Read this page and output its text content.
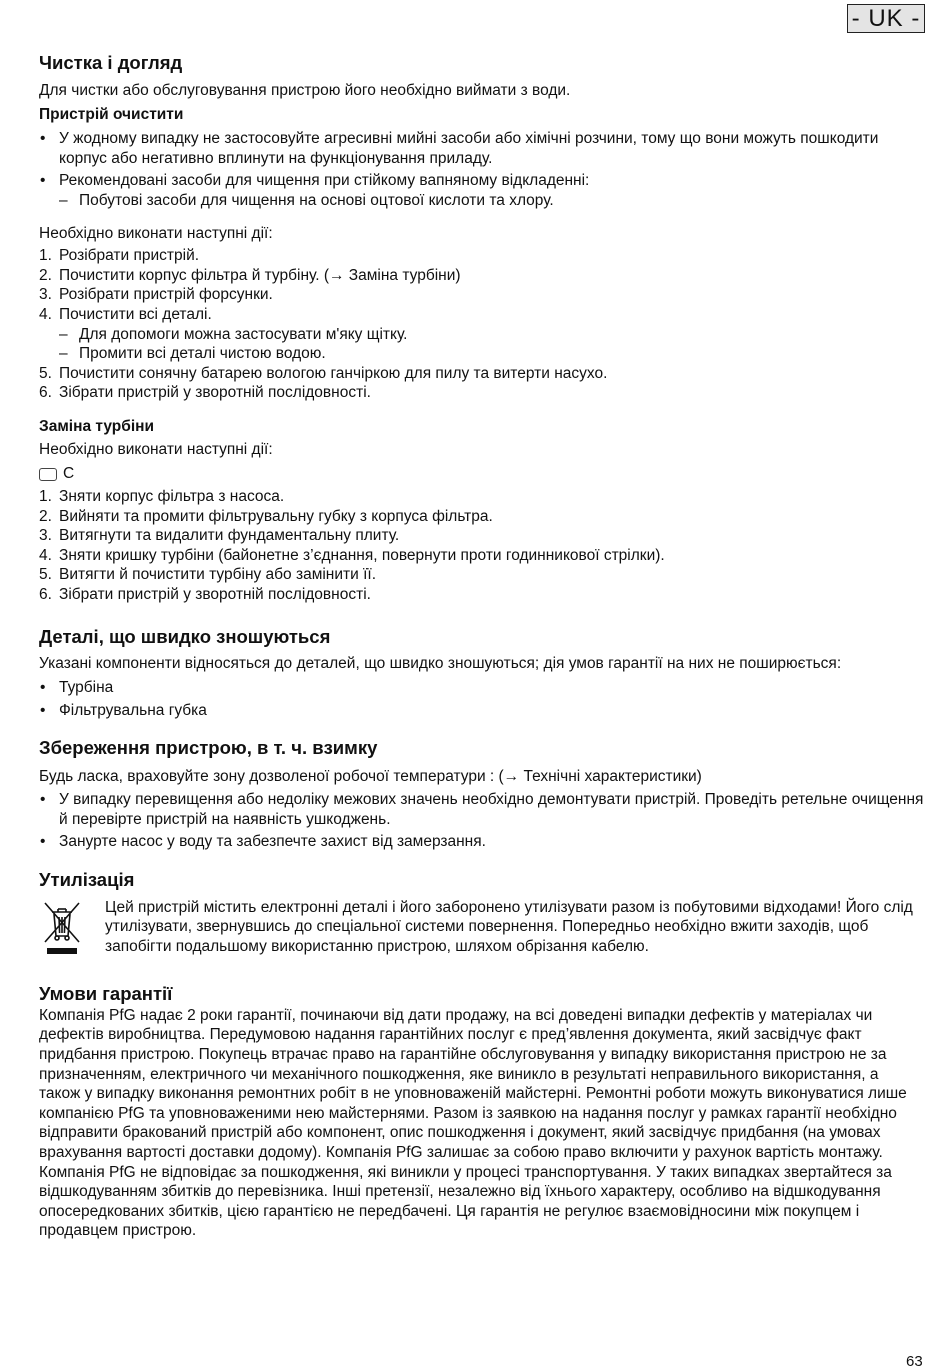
- UK -
Чистка і догляд

Для чистки або обслуговування пристрою його необхідно виймати з води.

Пристрій очистити

• У жодному випадку не застосовуйте агресивні мийні засоби або хімічні розчини, тому що вони можуть пошкодити корпус або негативно вплинути на функціонування приладу.
• Рекомендовані засоби для чищення при стійкому вапняному відкладенні:
– Побутові засоби для чищення на основі оцтової кислоти та хлору.

Необхідно виконати наступні дії:

1. Розібрати пристрій.
2. Почистити корпус фільтра й турбіну. (→ Заміна турбіни)
3. Розібрати пристрій форсунки.
4. Почистити всі деталі.
– Для допомоги можна застосувати м'яку щітку.
– Промити всі деталі чистою водою.
5. Почистити сонячну батарею вологою ганчіркою для пилу та витерти насухо.
6. Зібрати пристрій у зворотній послідовності.

Заміна турбіни

Необхідно виконати наступні дії:

C
1. Зняти корпус фільтра з насоса.
2. Вийняти та промити фільтрувальну губку з корпуса фільтра.
3. Витягнути та видалити фундаментальну плиту.
4. Зняти кришку турбіни (байонетне з’єднання, повернути проти годинникової стрілки).
5. Витягти й почистити турбіну або замінити її.
6. Зібрати пристрій у зворотній послідовності.
Деталі, що швидко зношуються

Указані компоненти відносяться до деталей, що швидко зношуються; дія умов гарантії на них не поширюється:

• Турбіна
• Фільтрувальна губка
Збереження пристрою, в т. ч. взимку

Будь ласка, враховуйте зону дозволеної робочої температури : (→ Технічні характеристики)

• У випадку перевищення або недоліку межових значень необхідно демонтувати пристрій. Проведіть ретельне очищення й перевірте пристрій на наявність ушкоджень.
• Занурте насос у воду та забезпечте захист від замерзання.
Утилізація
Цей пристрій містить електронні деталі і його заборонено утилізувати разом із побутовими відходами! Його слід утилізувати, звернувшись до спеціальної системи повернення. Попередньо необхідно вжити заходів, щоб запобігти подальшому використанню пристрою, шляхом обрізання кабелю.
Умови гарантії

Компанія PfG надає 2 роки гарантії, починаючи від дати продажу, на всі доведені випадки дефектів у матеріалах чи дефектів виробництва. Передумовою надання гарантійних послуг є пред’явлення документа, який засвідчує факт придбання пристрою. Покупець втрачає право на гарантійне обслуговування у випадку використання пристрою не за призначенням, електричного чи механічного пошкодження, яке виникло в результаті неправильного використання, а також у випадку виконання ремонтних робіт в не уповноваженій майстерні. Ремонтні роботи можуть виконуватися лише компанією PfG та уповноваженими нею майстернями. Разом із заявкою на надання послуг у рамках гарантії необхідно відправити бракований пристрій або компонент, опис пошкодження і документ, який засвідчує придбання (на умовах врахування вартості доставки додому). Компанія PfG залишає за собою право включити у рахунок вартість монтажу. Компанія PfG не відповідає за пошкодження, які виникли у процесі транспортування. У таких випадках звертайтеся за відшкодуванням збитків до перевізника. Інші претензії, незалежно від їхнього характеру, особливо на відшкодування опосередкованих збитків, цією гарантією не передбачені. Ця гарантія не регулює взаємовідносини між покупцем і продавцем пристрою.

63
